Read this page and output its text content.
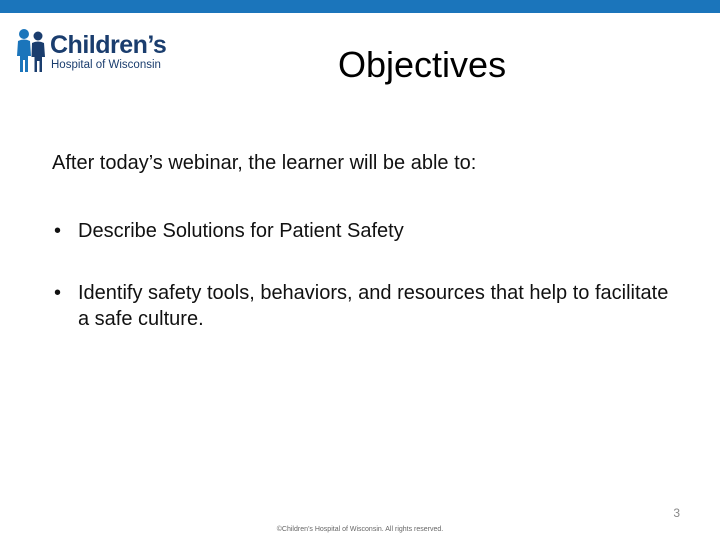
Children’s
Hospital of Wisconsin	Objectives
After today’s webinar, the learner will be able to:
• Describe Solutions for Patient Safety
• Identify safety tools, behaviors, and resources that help to facilitate a safe culture.
3
©Children’s Hospital of Wisconsin. All rights reserved.
